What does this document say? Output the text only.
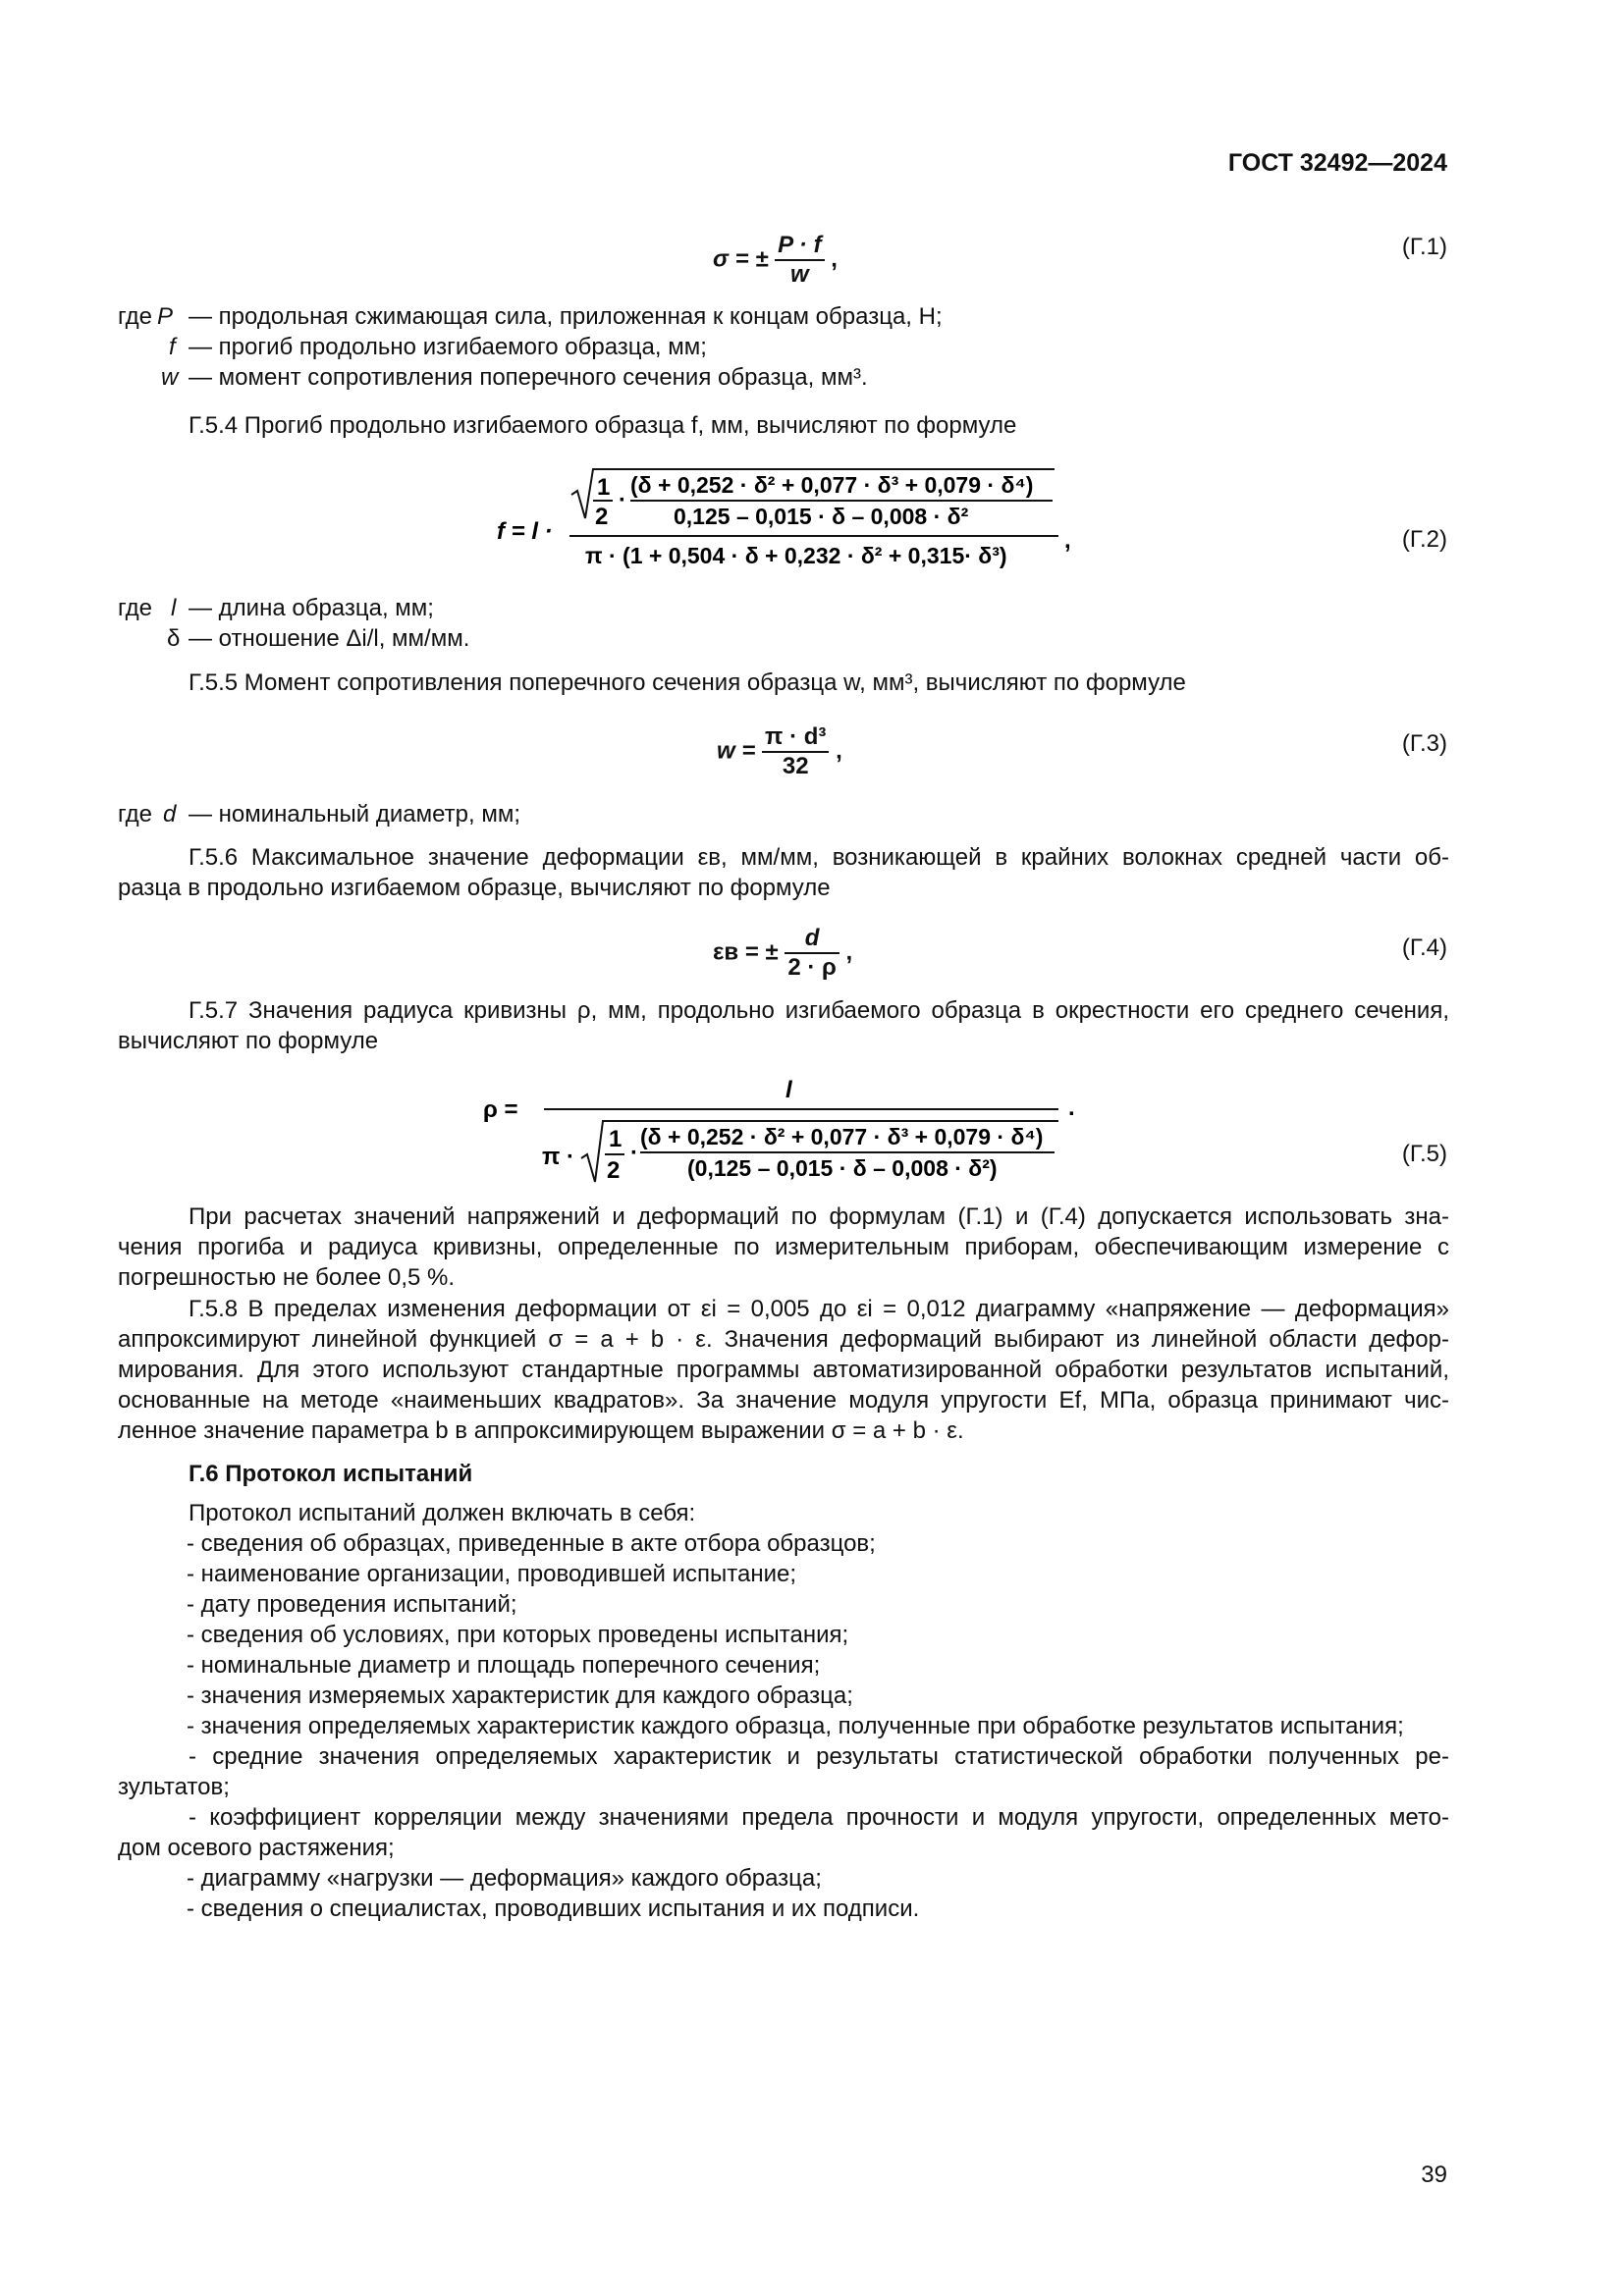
ГОСТ 32492—2024
σ = ± $\frac{P \cdot f}{w}$ ,	(Г.1)
где P — продольная сжимающая сила, приложенная к концам образца, Н;
f — прогиб продольно изгибаемого образца, мм;
w — момент сопротивления поперечного сечения образца, мм³.
Г.5.4 Прогиб продольно изгибаемого образца f, мм, вычисляют по формуле
f = l ·
1
2
·
(δ + 0,252 · δ² + 0,077 · δ³ + 0,079 · δ⁴)
0,125 – 0,015 · δ – 0,008 · δ²
π · (1 + 0,504 · δ + 0,232 · δ² + 0,315· δ³)
,	(Г.2)
где l — длина образца, мм;
δ — отношение Δi/l, мм/мм.
Г.5.5 Момент сопротивления поперечного сечения образца w, мм³, вычисляют по формуле
$w = \frac{\text{π · d³}}{32}$ ,	(Г.3)
где d — номинальный диаметр, мм;
Г.5.6 Максимальное значение деформации εв, мм/мм, возникающей в крайних волокнах средней части об-
разца в продольно изгибаемом образце, вычисляют по формуле
εв = ± $\frac{d}{2 \cdot \rho}$ ,	(Г.4)
Г.5.7 Значения радиуса кривизны ρ, мм, продольно изгибаемого образца в окрестности его среднего сечения,
вычисляют по формуле
ρ =
l
.
π ·
1
2
·
(δ + 0,252 · δ² + 0,077 · δ³ + 0,079 · δ⁴)
(0,125 – 0,015 · δ – 0,008 · δ²)
(Г.5)
При расчетах значений напряжений и деформаций по формулам (Г.1) и (Г.4) допускается использовать зна-
чения прогиба и радиуса кривизны, определенные по измерительным приборам, обеспечивающим измерение с
погрешностью не более 0,5 %.
Г.5.8 В пределах изменения деформации от εi = 0,005 до εi = 0,012 диаграмму «напряжение — деформация»
аппроксимируют линейной функцией σ = a + b · ε. Значения деформаций выбирают из линейной области дефор-
мирования. Для этого используют стандартные программы автоматизированной обработки результатов испытаний,
основанные на методе «наименьших квадратов». За значение модуля упругости Ef, МПа, образца принимают чис-
ленное значение параметра b в аппроксимирующем выражении σ = a + b · ε.
Г.6 Протокол испытаний
Протокол испытаний должен включать в себя:
- сведения об образцах, приведенные в акте отбора образцов;
- наименование организации, проводившей испытание;
- дату проведения испытаний;
- сведения об условиях, при которых проведены испытания;
- номинальные диаметр и площадь поперечного сечения;
- значения измеряемых характеристик для каждого образца;
- значения определяемых характеристик каждого образца, полученные при обработке результатов испытания;
- средние значения определяемых характеристик и результаты статистической обработки полученных ре-
зультатов;
- коэффициент корреляции между значениями предела прочности и модуля упругости, определенных мето-
дом осевого растяжения;
- диаграмму «нагрузки — деформация» каждого образца;
- сведения о специалистах, проводивших испытания и их подписи.
39
